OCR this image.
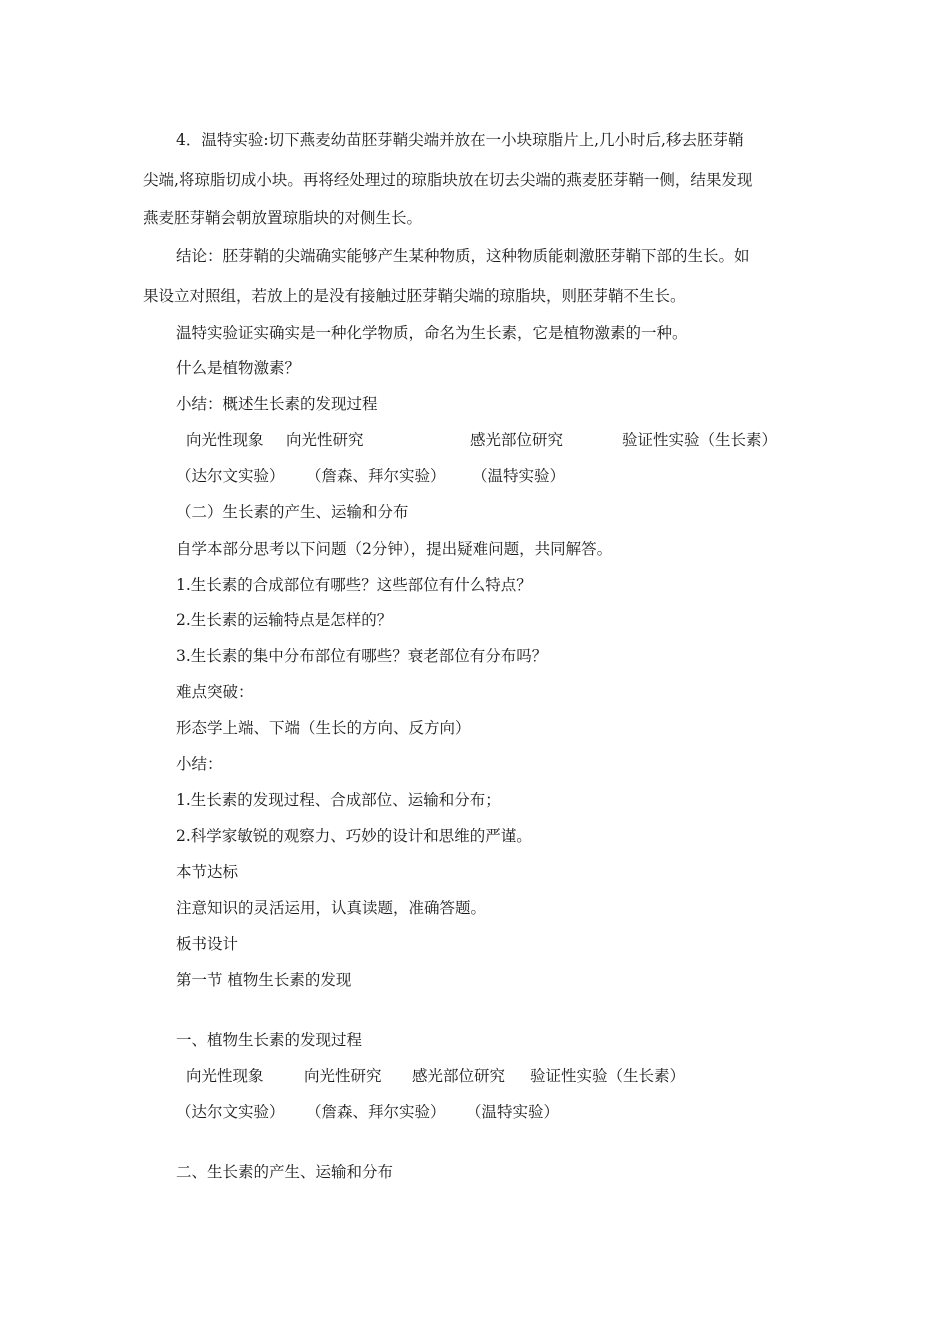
4．温特实验:切下燕麦幼苗胚芽鞘尖端并放在一小块琼脂片上,几小时后,移去胚芽鞘
尖端,将琼脂切成小块。再将经处理过的琼脂块放在切去尖端的燕麦胚芽鞘一侧，结果发现
燕麦胚芽鞘会朝放置琼脂块的对侧生长。
结论：胚芽鞘的尖端确实能够产生某种物质，这种物质能刺激胚芽鞘下部的生长。如
果设立对照组，若放上的是没有接触过胚芽鞘尖端的琼脂块，则胚芽鞘不生长。
温特实验证实确实是一种化学物质，命名为生长素，它是植物激素的一种。
什么是植物激素？
小结：概述生长素的发现过程
向光性现象 向光性研究	感光部位研究	验证性实验（生长素）
（达尔文实验） （詹森、拜尔实验） （温特实验）
（二）生长素的产生、运输和分布
自学本部分思考以下问题（2分钟），提出疑难问题，共同解答。
1.生长素的合成部位有哪些？这些部位有什么特点？
2.生长素的运输特点是怎样的？
3.生长素的集中分布部位有哪些？衰老部位有分布吗？
难点突破：
形态学上端、下端（生长的方向、反方向）
小结：
1.生长素的发现过程、合成部位、运输和分布；
2.科学家敏锐的观察力、巧妙的设计和思维的严谨。
本节达标
注意知识的灵活运用，认真读题，准确答题。
板书设计
第一节 植物生长素的发现
一、植物生长素的发现过程
向光性现象	向光性研究 感光部位研究 验证性实验（生长素）
（达尔文实验） （詹森、拜尔实验） （温特实验）
二、生长素的产生、运输和分布
